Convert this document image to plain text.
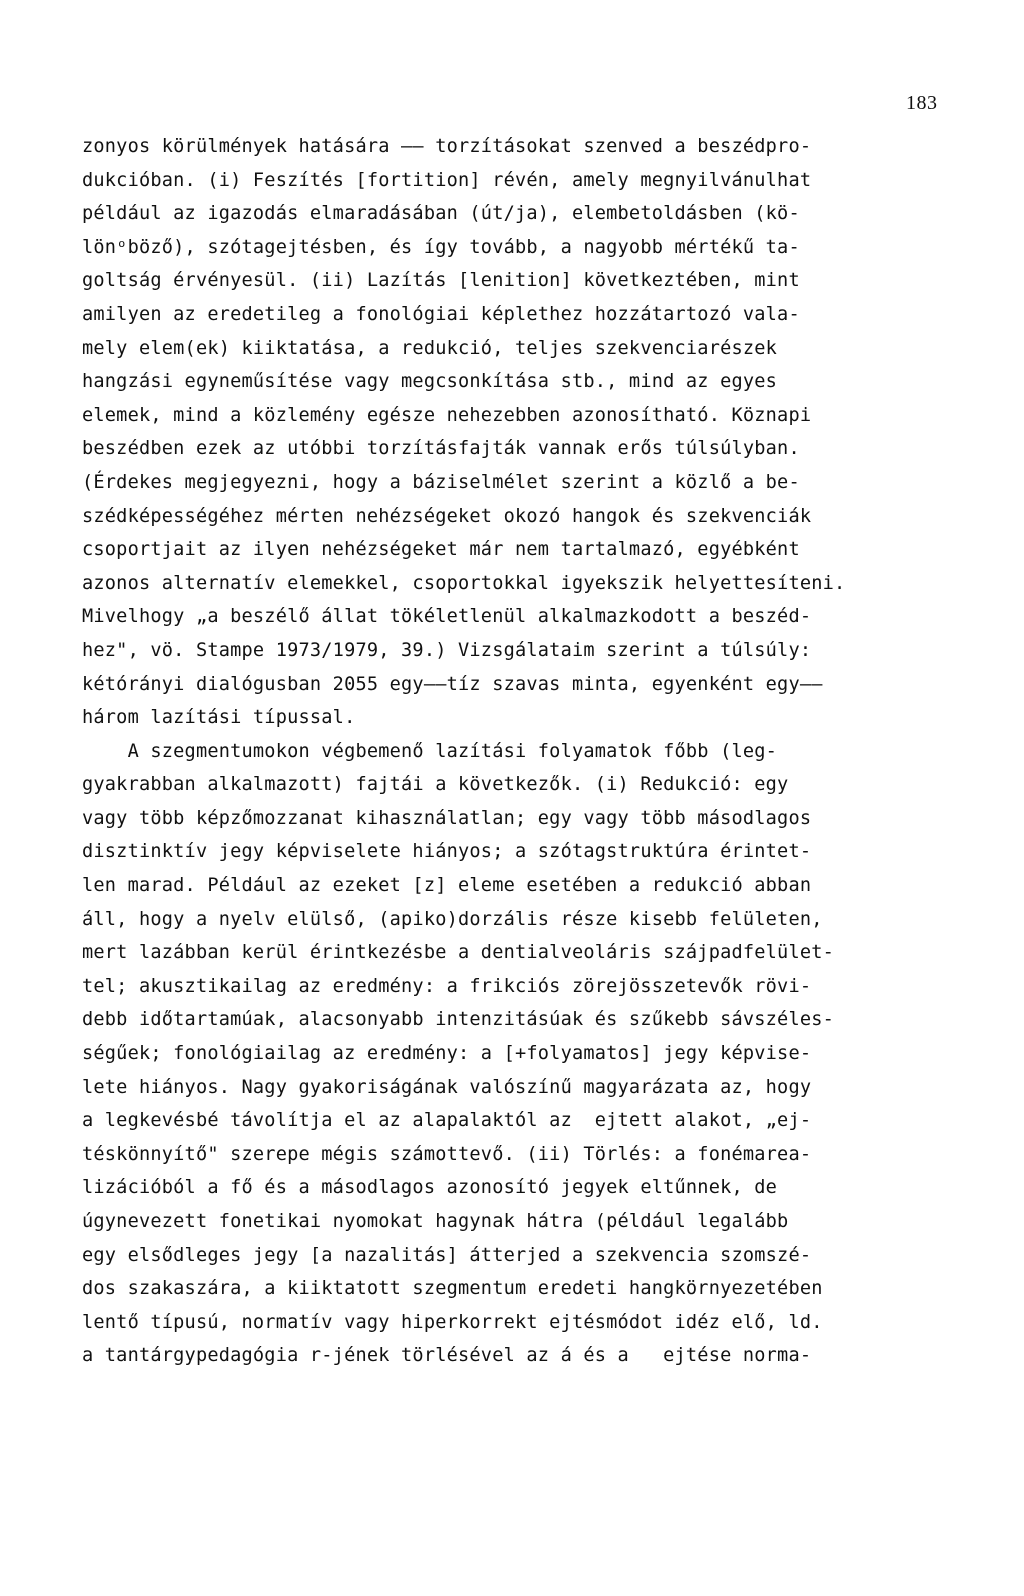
183
zonyos körülmények hatására —— torzításokat szenved a beszédpro-
dukcióban. (i) Feszítés [fortition] révén, amely megnyilvánulhat
például az igazodás elmaradásában (út/ja), elembetoldásben (kö-
lönᵒböző), szótagejtésben, és így tovább, a nagyobb mértékű ta-
goltság érvényesül. (ii) Lazítás [lenition] következtében, mint
amilyen az eredetileg a fonológiai képlethez hozzátartozó vala-
mely elem(ek) kiiktatása, a redukció, teljes szekvenciarészek
hangzási egyneműsítése vagy megcsonkítása stb., mind az egyes
elemek, mind a közlemény egésze nehezebben azonosítható. Köznapi
beszédben ezek az utóbbi torzításfajták vannak erős túlsúlyban.
(Érdekes megjegyezni, hogy a báziselmélet szerint a közlő a be-
szédképességéhez mérten nehézségeket okozó hangok és szekvenciák
csoportjait az ilyen nehézségeket már nem tartalmazó, egyébként
azonos alternatív elemekkel, csoportokkal igyekszik helyettesíteni.
Mivelhogy „a beszélő állat tökéletlenül alkalmazkodott a beszéd-
hez", vö. Stampe 1973/1979, 39.) Vizsgálataim szerint a túlsúly:
kétórányi dialógusban 2055 egy——tíz szavas minta, egyenként egy——
három lazítási típussal.
A szegmentumokon végbemenő lazítási folyamatok főbb (leg-
gyakrabban alkalmazott) fajtái a következők. (i) Redukció: egy
vagy több képzőmozzanat kihasználatlan; egy vagy több másodlagos
disztinktív jegy képviselete hiányos; a szótagstruktúra érintet-
len marad. Például az ezeket [z] eleme esetében a redukció abban
áll, hogy a nyelv elülső, (apiko)dorzális része kisebb felületen,
mert lazábban kerül érintkezésbe a dentialveoláris szájpadfelület-
tel; akusztikailag az eredmény: a frikciós zörejösszetevők rövi-
debb időtartamúak, alacsonyabb intenzitásúak és szűkebb sávszéles-
ségűek; fonológiailag az eredmény: a [+folyamatos] jegy képvise-
lete hiányos. Nagy gyakoriságának valószínű magyarázata az, hogy
a legkevésbé távolítja el az alapalaktól az  ejtett alakot, „ej-
téskönnyítő" szerepe mégis számottevő. (ii) Törlés: a fonémarea-
lizációból a fő és a másodlagos azonosító jegyek eltűnnek, de
úgynevezett fonetikai nyomokat hagynak hátra (például legalább
egy elsődleges jegy [a nazalitás] átterjed a szekvencia szomszé-
dos szakaszára, a kiiktatott szegmentum eredeti hangkörnyezetében
lentő típusú, normatív vagy hiperkorrekt ejtésmódot idéz elő, ld.
a tantárgypedagógia r-jének törlésével az á és a   ejtése norma-
